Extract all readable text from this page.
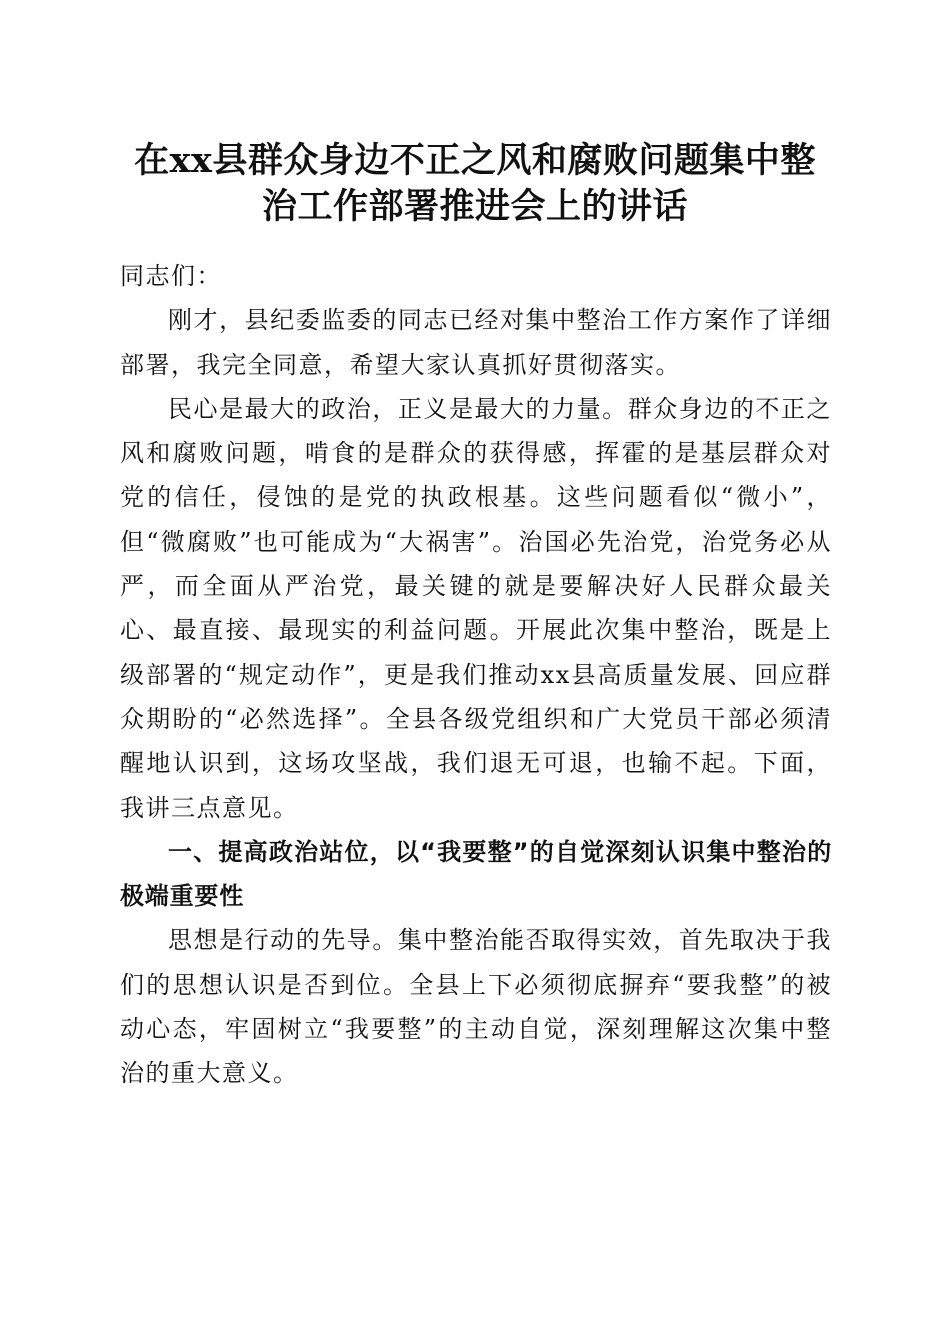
在xx县群众身边不正之风和腐败问题集中整
治工作部署推进会上的讲话

同志们：

刚才，县纪委监委的同志已经对集中整治工作方案作了详细部署，我完全同意，希望大家认真抓好贯彻落实。

民心是最大的政治，正义是最大的力量。群众身边的不正之风和腐败问题，啃食的是群众的获得感，挥霍的是基层群众对党的信任，侵蚀的是党的执政根基。这些问题看似“微小”，但“微腐败”也可能成为“大祸害”。治国必先治党，治党务必从严，而全面从严治党，最关键的就是要解决好人民群众最关心、最直接、最现实的利益问题。开展此次集中整治，既是上级部署的“规定动作”，更是我们推动xx县高质量发展、回应群众期盼的“必然选择”。全县各级党组织和广大党员干部必须清醒地认识到，这场攻坚战，我们退无可退，也输不起。下面，我讲三点意见。

一、提高政治站位，以“我要整”的自觉深刻认识集中整治的极端重要性

思想是行动的先导。集中整治能否取得实效，首先取决于我们的思想认识是否到位。全县上下必须彻底摒弃“要我整”的被动心态，牢固树立“我要整”的主动自觉，深刻理解这次集中整治的重大意义。
